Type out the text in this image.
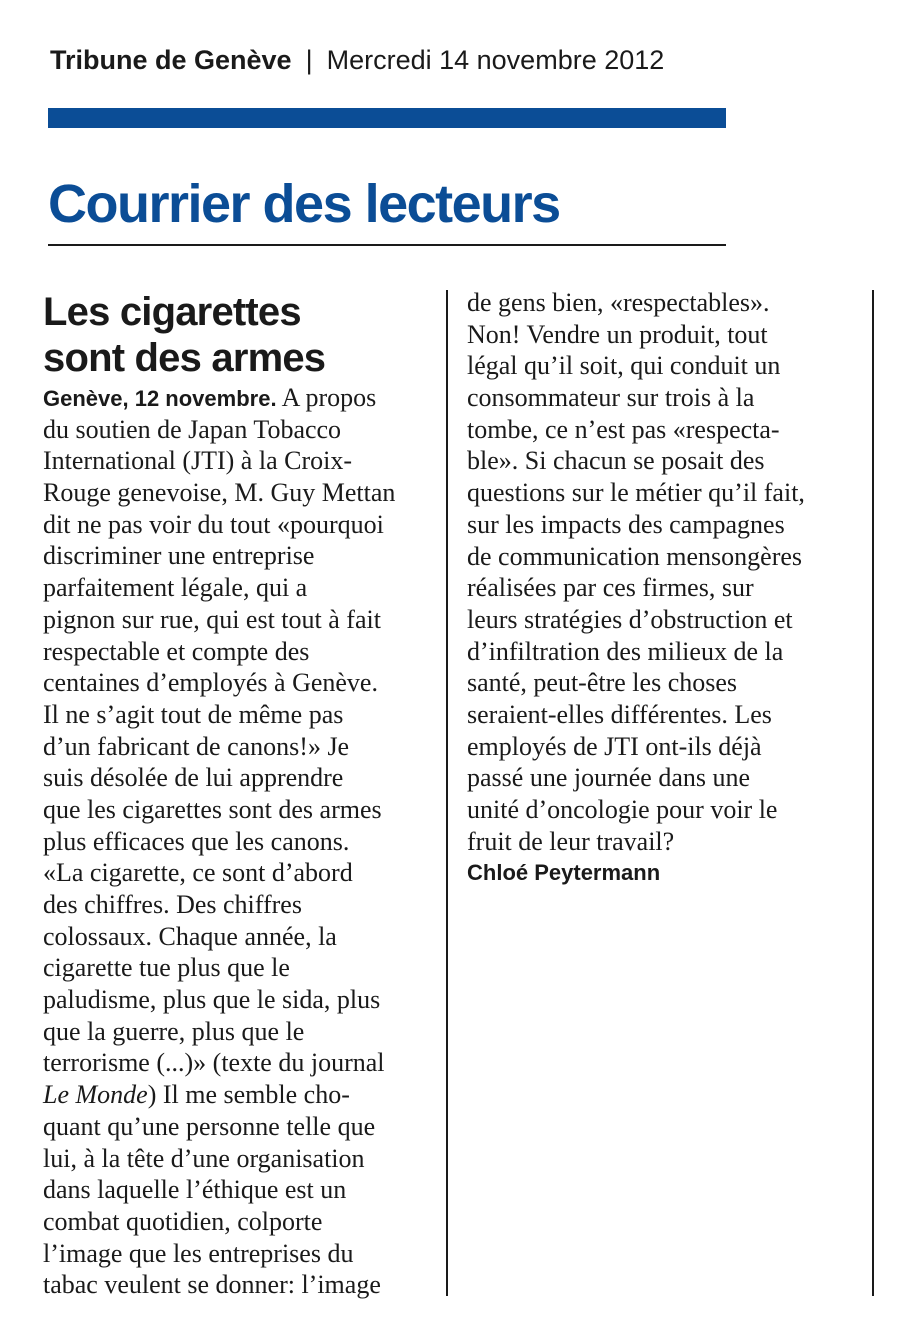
Tribune de Genève | Mercredi 14 novembre 2012
Courrier des lecteurs
Les cigarettes
sont des armes
Genève, 12 novembre. A propos
du soutien de Japan Tobacco
International (JTI) à la Croix-
Rouge genevoise, M. Guy Mettan
dit ne pas voir du tout «pourquoi
discriminer une entreprise
parfaitement légale, qui a
pignon sur rue, qui est tout à fait
respectable et compte des
centaines d’employés à Genève.
Il ne s’agit tout de même pas
d’un fabricant de canons!» Je
suis désolée de lui apprendre
que les cigarettes sont des armes
plus efficaces que les canons.
«La cigarette, ce sont d’abord
des chiffres. Des chiffres
colossaux. Chaque année, la
cigarette tue plus que le
paludisme, plus que le sida, plus
que la guerre, plus que le
terrorisme (...)» (texte du journal
Le Monde) Il me semble cho-
quant qu’une personne telle que
lui, à la tête d’une organisation
dans laquelle l’éthique est un
combat quotidien, colporte
l’image que les entreprises du
tabac veulent se donner: l’image
de gens bien, «respectables».
Non! Vendre un produit, tout
légal qu’il soit, qui conduit un
consommateur sur trois à la
tombe, ce n’est pas «respecta-
ble». Si chacun se posait des
questions sur le métier qu’il fait,
sur les impacts des campagnes
de communication mensongères
réalisées par ces firmes, sur
leurs stratégies d’obstruction et
d’infiltration des milieux de la
santé, peut-être les choses
seraient-elles différentes. Les
employés de JTI ont-ils déjà
passé une journée dans une
unité d’oncologie pour voir le
fruit de leur travail?
Chloé Peytermann
